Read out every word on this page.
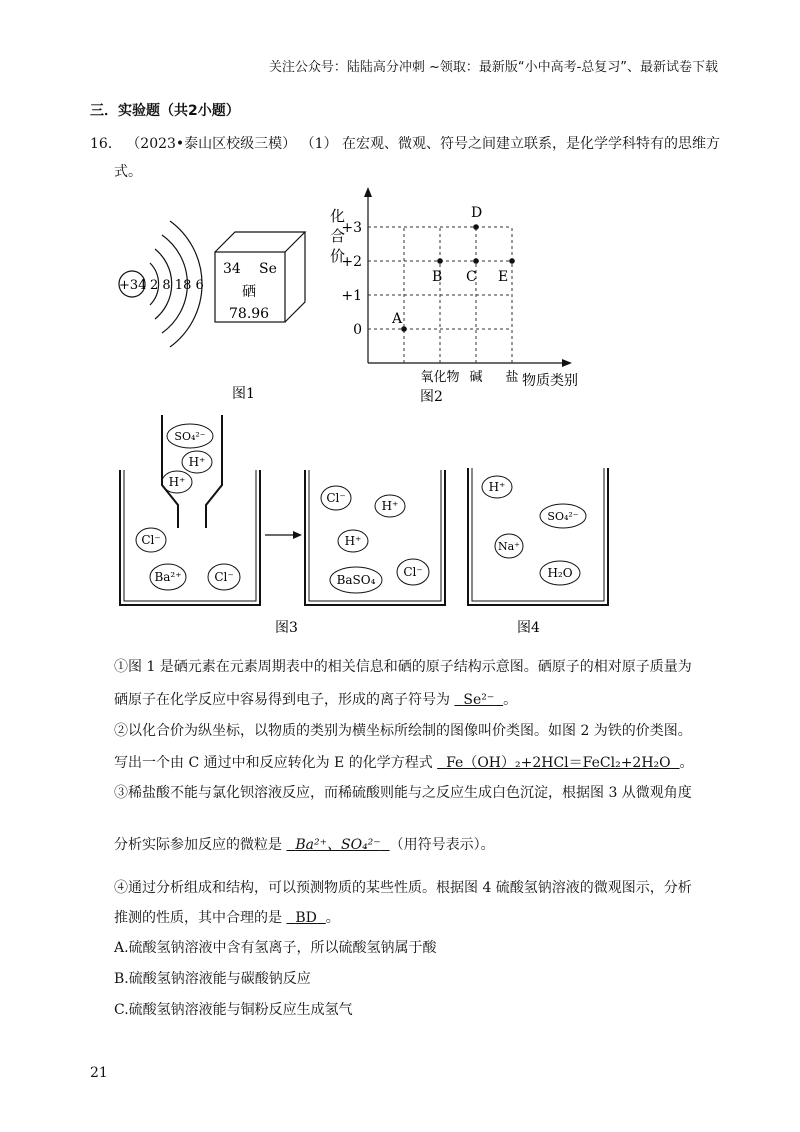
关注公众号：陆陆高分冲刺 ~领取：最新版“小中高考-总复习”、最新试卷下载
三．实验题（共2小题）
16． （2023•泰山区校级三模） （1） 在宏观、微观、符号之间建立联系，是化学学科特有的思维方
式。
+34 2 8 18 6
34 Se
硒
78.96
图1
+3
+2
+1
0
氧化物 碱 盐
A
B C
D
E
化
合
价
物质类别
图2
SO₄²⁻
H⁺
H⁺
Cl⁻
Ba²⁺	Cl⁻
Cl⁻
H⁺
H⁺
BaSO₄
Cl⁻
图3
H⁺
SO₄²⁻
Na⁺
H₂O
图4
①图 1 是硒元素在元素周期表中的相关信息和硒的原子结构示意图。硒原子的相对原子质量为
硒原子在化学反应中容易得到电子，形成的离子符号为 Se²⁻ 。
②以化合价为纵坐标，以物质的类别为横坐标所绘制的图像叫价类图。如图 2 为铁的价类图。
写出一个由 C 通过中和反应转化为 E 的化学方程式 Fe（OH）₂+2HCl＝FeCl₂+2H₂O 。
③稀盐酸不能与氯化钡溶液反应，而稀硫酸则能与之反应生成白色沉淀，根据图 3 从微观角度
分析实际参加反应的微粒是 Ba²⁺、SO₄²⁻ （用符号表示）。
④通过分析组成和结构，可以预测物质的某些性质。根据图 4 硫酸氢钠溶液的微观图示，分析
推测的性质，其中合理的是 BD 。
A.硫酸氢钠溶液中含有氢离子，所以硫酸氢钠属于酸
B.硫酸氢钠溶液能与碳酸钠反应
C.硫酸氢钠溶液能与铜粉反应生成氢气
21
